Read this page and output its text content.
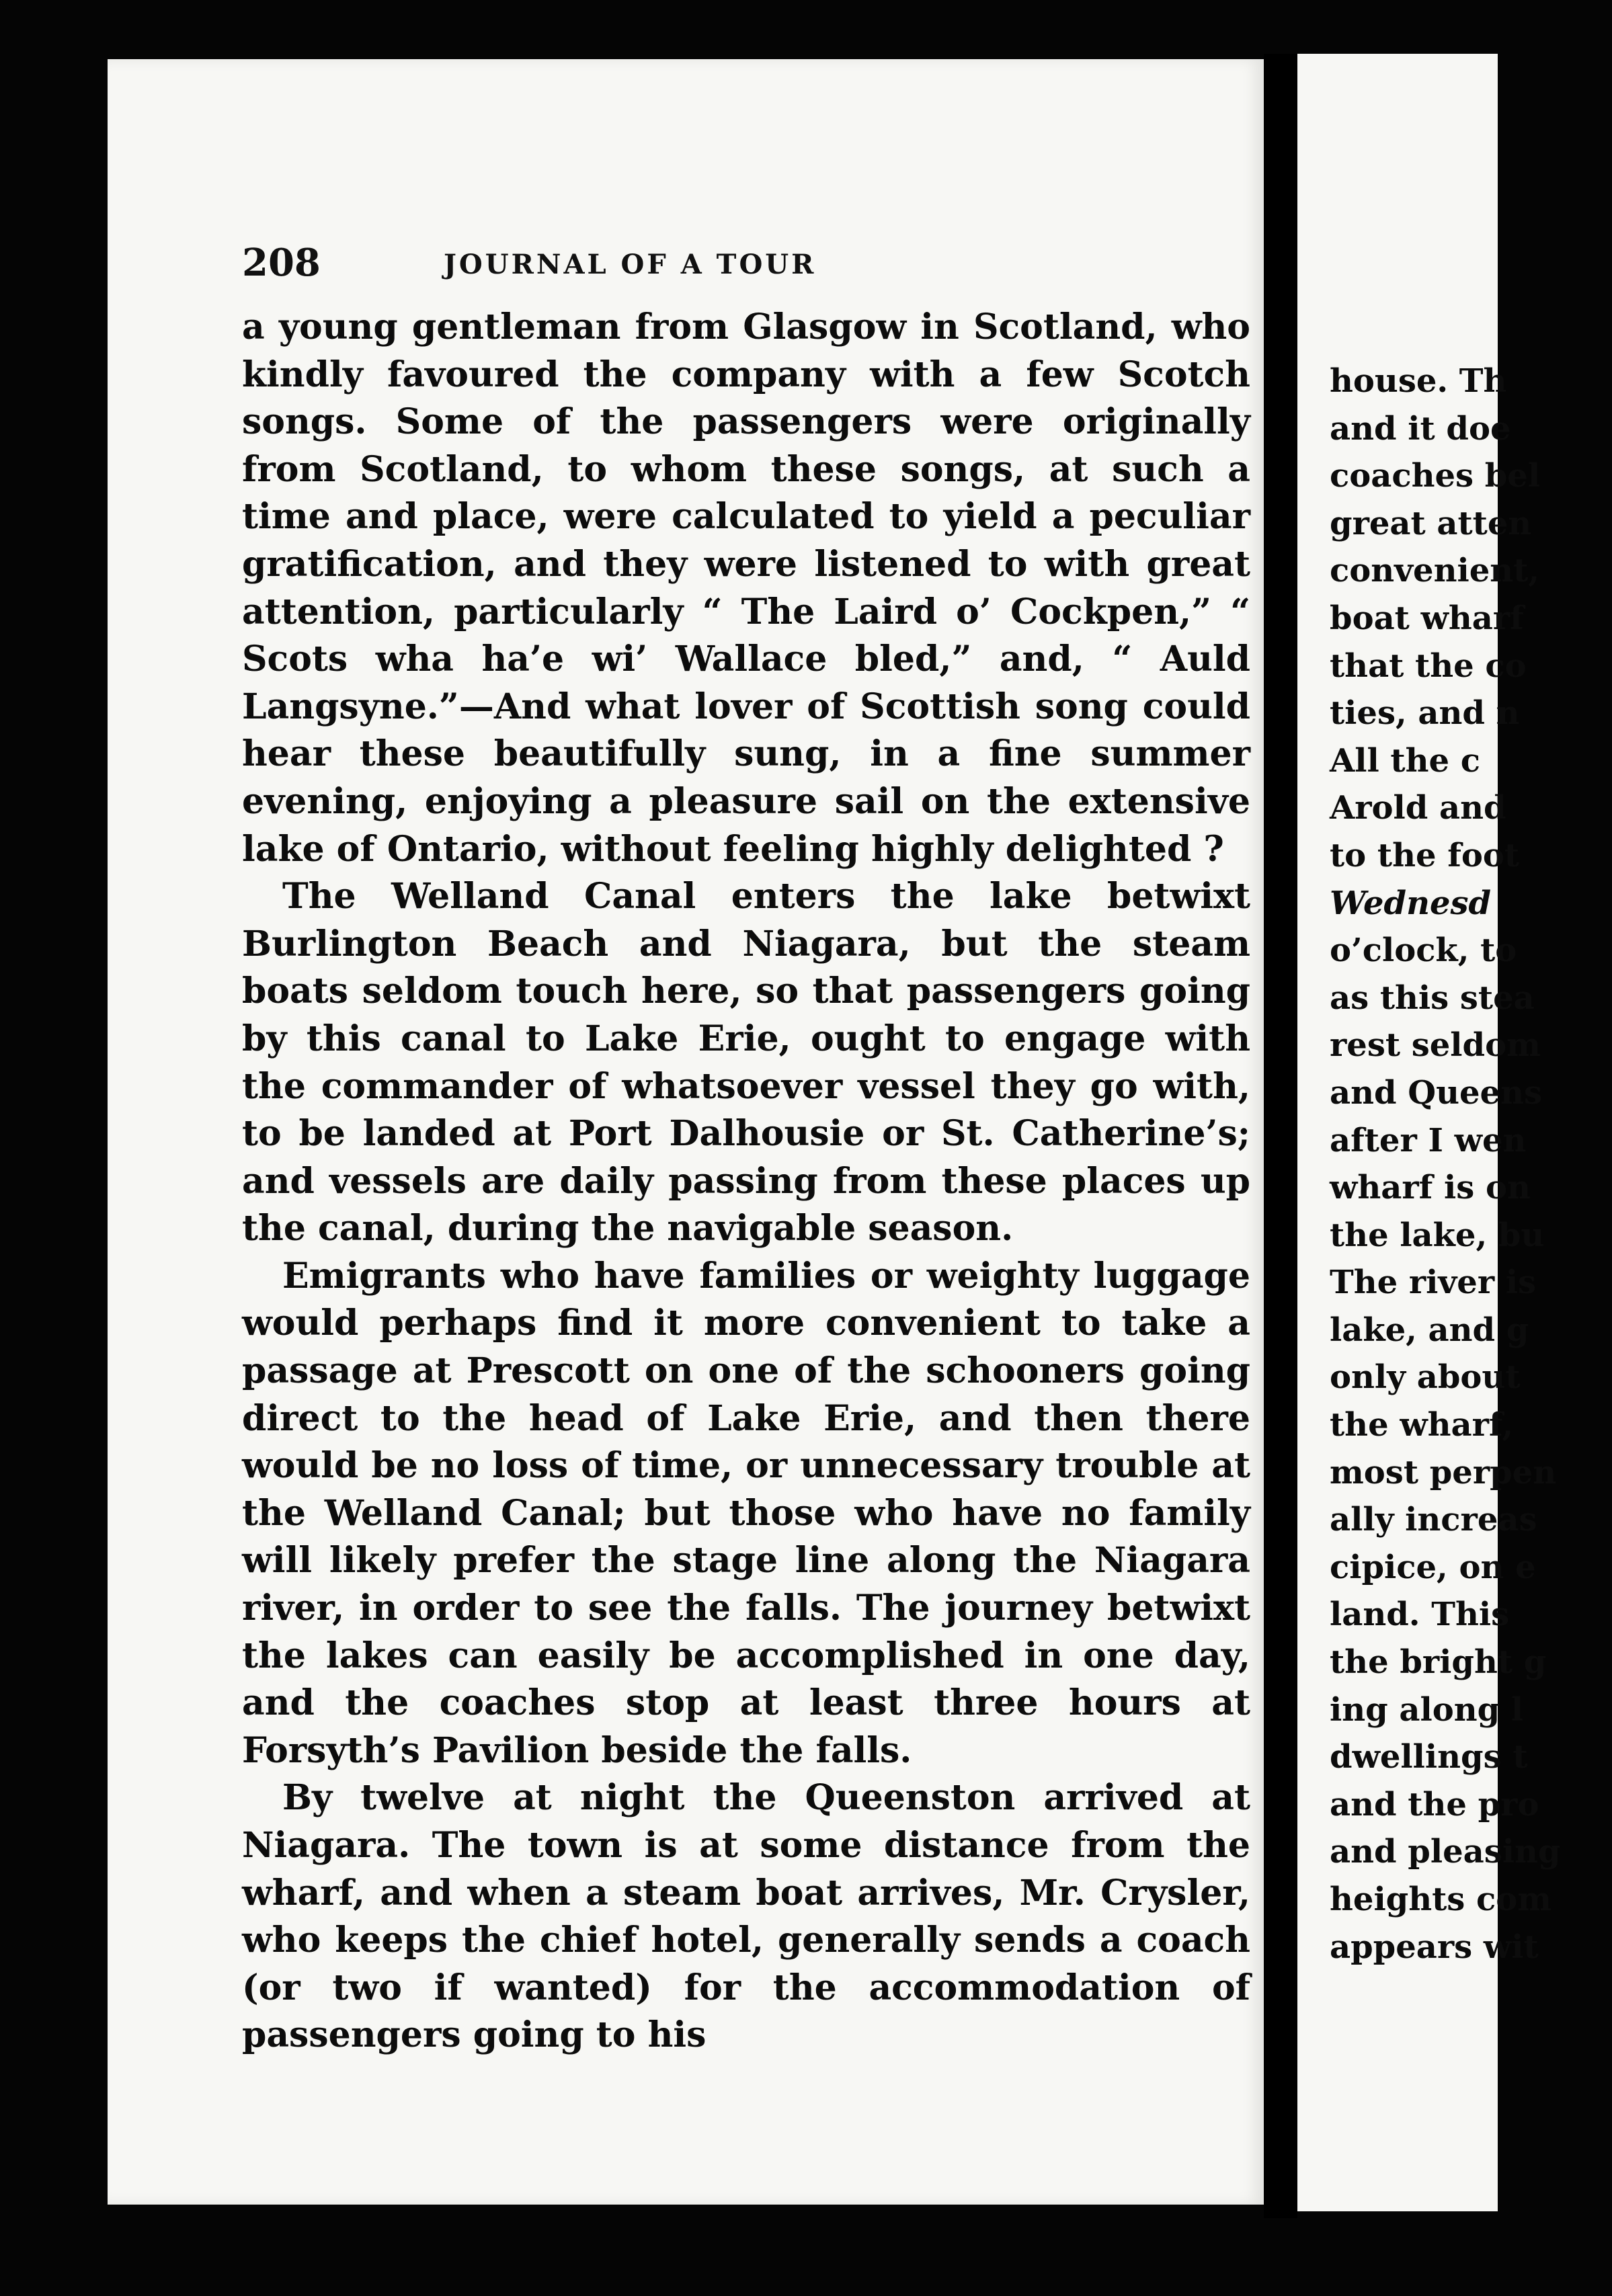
house. Th
and it doe
coaches bel
great atten
convenient,
boat wharf
that the co
ties, and n
All the c
Arold and
to the foot
Wednesd
o’clock, to
as this stea
rest seldom
and Queens
after I wen
wharf is on
the lake, bu
The river is
lake, and g
only about
the wharf,
most perpen
ally increas
cipice, on e
land. This
the bright g
ing along l
dwellings t
and the pro
and pleasing
heights com
appears wit
208	JOURNAL OF A TOUR

a young gentleman from Glasgow in Scotland, who kindly favoured the company with a few Scotch songs. Some of the passengers were originally from Scotland, to whom these songs, at such a time and place, were calculated to yield a peculiar gratification, and they were listened to with great attention, particularly “ The Laird o’ Cockpen,” “ Scots wha ha’e wi’ Wallace bled,” and, “ Auld Langsyne.”—And what lover of Scottish song could hear these beautifully sung, in a fine summer evening, enjoying a pleasure sail on the extensive lake of Ontario, without feeling highly delighted ?

The Welland Canal enters the lake betwixt Burlington Beach and Niagara, but the steam boats seldom touch here, so that passengers going by this canal to Lake Erie, ought to engage with the commander of whatsoever vessel they go with, to be landed at Port Dalhousie or St. Catherine’s; and vessels are daily passing from these places up the canal, during the navigable season.

Emigrants who have families or weighty luggage would perhaps find it more convenient to take a passage at Prescott on one of the schooners going direct to the head of Lake Erie, and then there would be no loss of time, or unnecessary trouble at the Welland Canal; but those who have no family will likely prefer the stage line along the Niagara river, in order to see the falls. The journey betwixt the lakes can easily be accomplished in one day, and the coaches stop at least three hours at Forsyth’s Pavilion beside the falls.

By twelve at night the Queenston arrived at Niagara. The town is at some distance from the wharf, and when a steam boat arrives, Mr. Crysler, who keeps the chief hotel, generally sends a coach (or two if wanted) for the accommodation of passengers going to his
